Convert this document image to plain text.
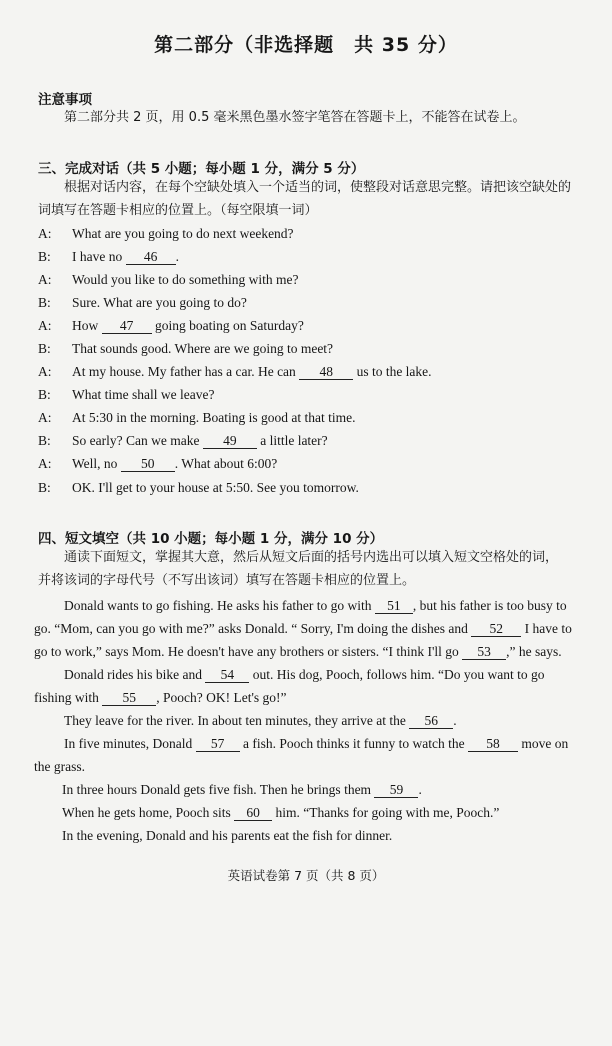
第二部分（非选择题　共 35 分）
注意事项
第二部分共 2 页，用 0.5 毫米黑色墨水签字笔答在答题卡上，不能答在试卷上。
三、完成对话（共 5 小题；每小题 1 分，满分 5 分）
根据对话内容，在每个空缺处填入一个适当的词，使整段对话意思完整。请把该空缺处的
词填写在答题卡相应的位置上。（每空限填一词）
A: What are you going to do next weekend?
B: I have no 46 .
A: Would you like to do something with me?
B: Sure. What are you going to do?
A: How 47 going boating on Saturday?
B: That sounds good. Where are we going to meet?
A: At my house. My father has a car. He can 48 us to the lake.
B: What time shall we leave?
A: At 5:30 in the morning. Boating is good at that time.
B: So early? Can we make 49 a little later?
A: Well, no 50 . What about 6:00?
B: OK. I'll get to your house at 5:50. See you tomorrow.
四、短文填空（共 10 小题；每小题 1 分，满分 10 分）
通读下面短文，掌握其大意，然后从短文后面的括号内选出可以填入短文空格处的词，
并将该词的字母代号（不写出该词）填写在答题卡相应的位置上。
Donald wants to go fishing. He asks his father to go with 51 , but his father is too busy to
go. “Mom, can you go with me?” asks Donald. “ Sorry, I'm doing the dishes and 52 I have to
go to work,” says Mom. He doesn't have any brothers or sisters. “I think I'll go 53 ,” he says.
Donald rides his bike and 54 out. His dog, Pooch, follows him. “Do you want to go
fishing with 55 , Pooch? OK! Let's go!”
They leave for the river. In about ten minutes, they arrive at the 56 .
In five minutes, Donald 57 a fish. Pooch thinks it funny to watch the 58 move on
the grass.
In three hours Donald gets five fish. Then he brings them 59 .
When he gets home, Pooch sits 60 him. “Thanks for going with me, Pooch.”
In the evening, Donald and his parents eat the fish for dinner.
英语试卷第 7 页（共 8 页）
